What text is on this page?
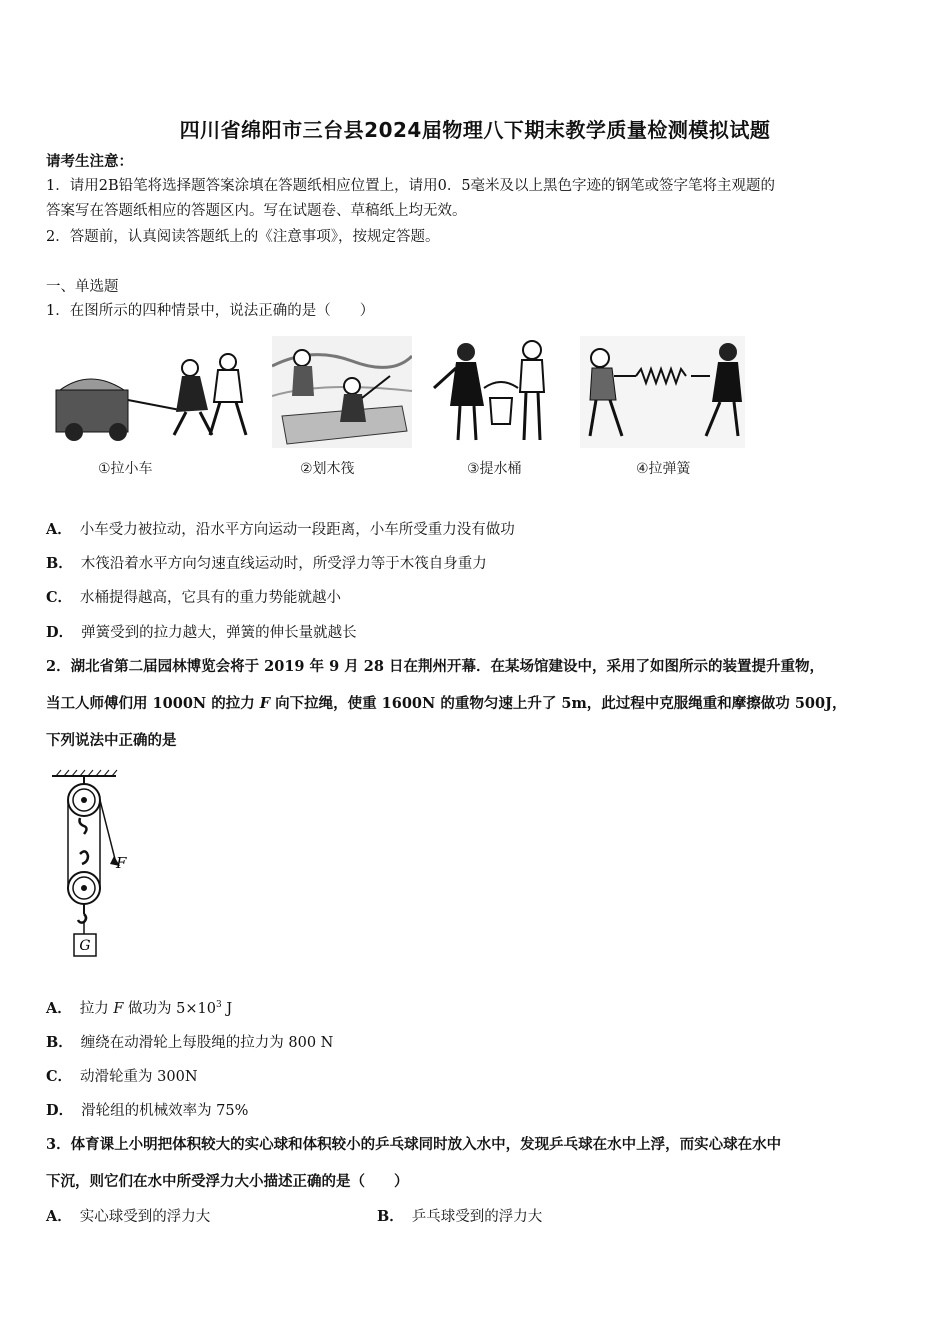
四川省绵阳市三台县2024届物理八下期末教学质量检测模拟试题
请考生注意：
1．请用2B铅笔将选择题答案涂填在答题纸相应位置上，请用0．5毫米及以上黑色字迹的钢笔或签字笔将主观题的
答案写在答题纸相应的答题区内。写在试题卷、草稿纸上均无效。
2．答题前，认真阅读答题纸上的《注意事项》，按规定答题。
一、单选题
1．在图所示的四种情景中，说法正确的是（　　）
①拉小车	②划木筏	③提水桶	④拉弹簧
A． 小车受力被拉动，沿水平方向运动一段距离，小车所受重力没有做功
B． 木筏沿着水平方向匀速直线运动时，所受浮力等于木筏自身重力
C． 水桶提得越高，它具有的重力势能就越小
D． 弹簧受到的拉力越大，弹簧的伸长量就越长
2．湖北省第二届园林博览会将于 2019 年 9 月 28 日在荆州开幕．在某场馆建设中，采用了如图所示的装置提升重物，
当工人师傅们用 1000N 的拉力 F 向下拉绳，使重 1600N 的重物匀速上升了 5m，此过程中克服绳重和摩擦做功 500J，
下列说法中正确的是
G
F
A． 拉力 F 做功为 $5\times 10^3$ J
B． 缠绕在动滑轮上每股绳的拉力为 800 N
C． 动滑轮重为 300N
D． 滑轮组的机械效率为 75%
3．体育课上小明把体积较大的实心球和体积较小的乒乓球同时放入水中，发现乒乓球在水中上浮，而实心球在水中
下沉，则它们在水中所受浮力大小描述正确的是（　　）
A． 实心球受到的浮力大	B． 乒乓球受到的浮力大
